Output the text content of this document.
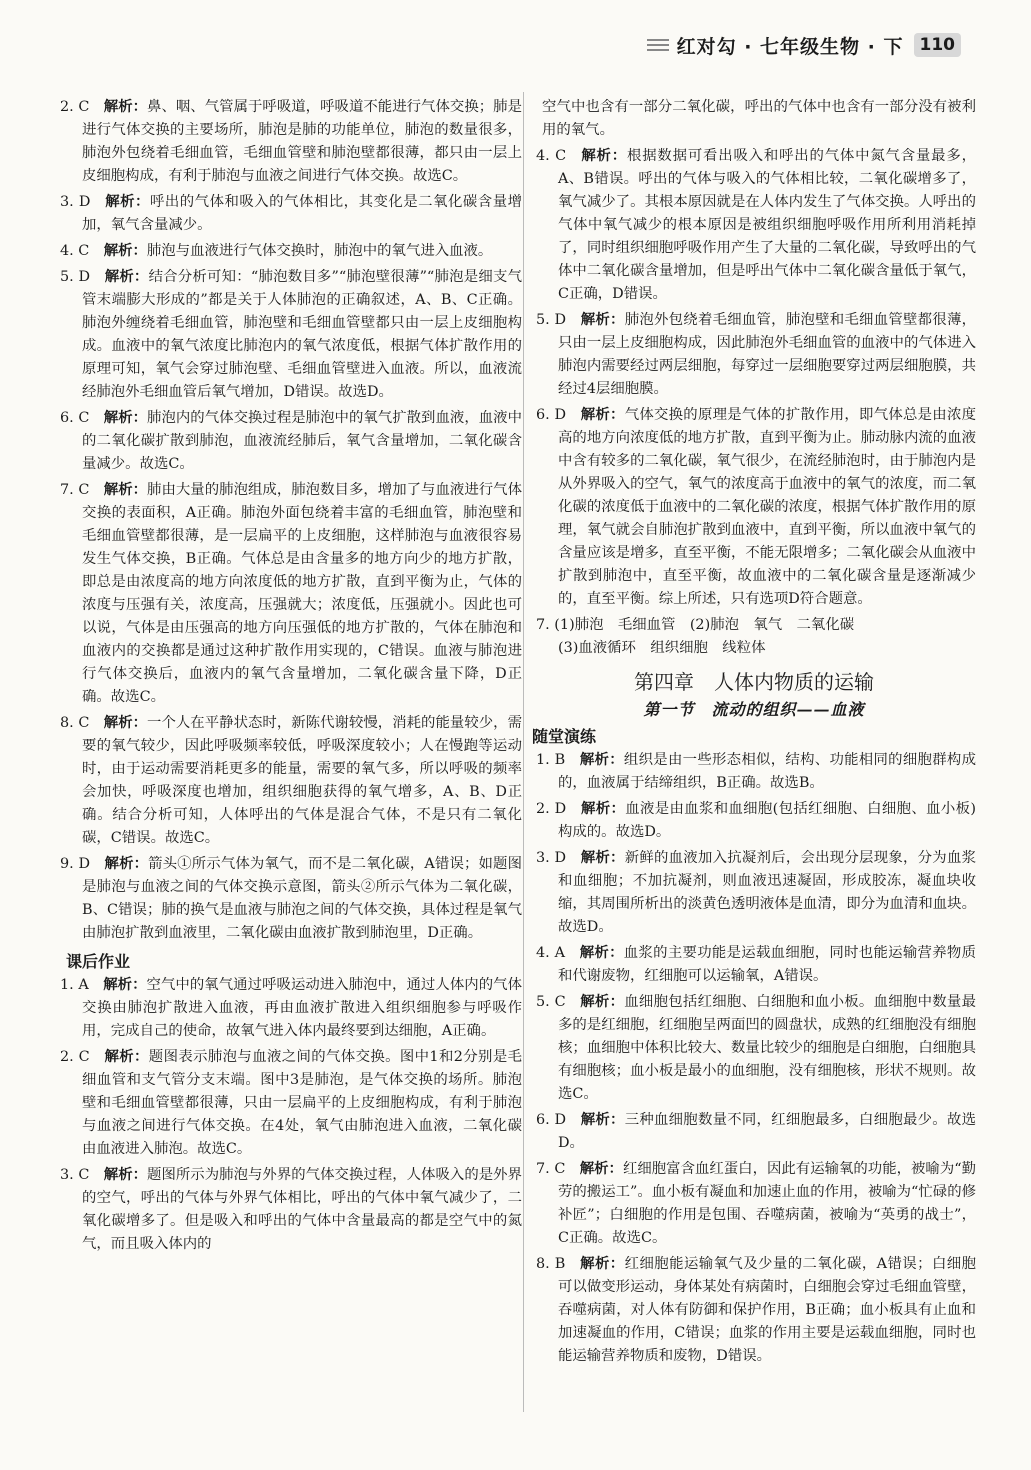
红对勾 · 七年级生物 · 下 110

2. C  解析：鼻、咽、气管属于呼吸道，呼吸道不能进行气体交换；肺是进行气体交换的主要场所，肺泡是肺的功能单位，肺泡的数量很多，肺泡外包绕着毛细血管，毛细血管壁和肺泡壁都很薄，都只由一层上皮细胞构成，有利于肺泡与血液之间进行气体交换。故选C。

3. D  解析：呼出的气体和吸入的气体相比，其变化是二氧化碳含量增加，氧气含量减少。

4. C  解析：肺泡与血液进行气体交换时，肺泡中的氧气进入血液。

5. D  解析：结合分析可知：“肺泡数目多”“肺泡壁很薄”“肺泡是细支气管末端膨大形成的”都是关于人体肺泡的正确叙述，A、B、C正确。肺泡外缠绕着毛细血管，肺泡壁和毛细血管壁都只由一层上皮细胞构成。血液中的氧气浓度比肺泡内的氧气浓度低，根据气体扩散作用的原理可知，氧气会穿过肺泡壁、毛细血管壁进入血液。所以，血液流经肺泡外毛细血管后氧气增加，D错误。故选D。

6. C  解析：肺泡内的气体交换过程是肺泡中的氧气扩散到血液，血液中的二氧化碳扩散到肺泡，血液流经肺后，氧气含量增加，二氧化碳含量减少。故选C。

7. C  解析：肺由大量的肺泡组成，肺泡数目多，增加了与血液进行气体交换的表面积，A正确。肺泡外面包绕着丰富的毛细血管，肺泡壁和毛细血管壁都很薄，是一层扁平的上皮细胞，这样肺泡与血液很容易发生气体交换，B正确。气体总是由含量多的地方向少的地方扩散，即总是由浓度高的地方向浓度低的地方扩散，直到平衡为止，气体的浓度与压强有关，浓度高，压强就大；浓度低，压强就小。因此也可以说，气体是由压强高的地方向压强低的地方扩散的，气体在肺泡和血液内的交换都是通过这种扩散作用实现的，C错误。血液与肺泡进行气体交换后，血液内的氧气含量增加，二氧化碳含量下降，D正确。故选C。

8. C  解析：一个人在平静状态时，新陈代谢较慢，消耗的能量较少，需要的氧气较少，因此呼吸频率较低，呼吸深度较小；人在慢跑等运动时，由于运动需要消耗更多的能量，需要的氧气多，所以呼吸的频率会加快，呼吸深度也增加，组织细胞获得的氧气增多，A、B、D正确。结合分析可知，人体呼出的气体是混合气体，不是只有二氧化碳，C错误。故选C。

9. D  解析：箭头①所示气体为氧气，而不是二氧化碳，A错误；如题图是肺泡与血液之间的气体交换示意图，箭头②所示气体为二氧化碳，B、C错误；肺的换气是血液与肺泡之间的气体交换，具体过程是氧气由肺泡扩散到血液里，二氧化碳由血液扩散到肺泡里，D正确。

课后作业

1. A  解析：空气中的氧气通过呼吸运动进入肺泡中，通过人体内的气体交换由肺泡扩散进入血液，再由血液扩散进入组织细胞参与呼吸作用，完成自己的使命，故氧气进入体内最终要到达细胞，A正确。

2. C  解析：题图表示肺泡与血液之间的气体交换。图中1和2分别是毛细血管和支气管分支末端。图中3是肺泡，是气体交换的场所。肺泡壁和毛细血管壁都很薄，只由一层扁平的上皮细胞构成，有利于肺泡与血液之间进行气体交换。在4处，氧气由肺泡进入血液，二氧化碳由血液进入肺泡。故选C。

3. C  解析：题图所示为肺泡与外界的气体交换过程，人体吸入的是外界的空气，呼出的气体与外界气体相比，呼出的气体中氧气减少了，二氧化碳增多了。但是吸入和呼出的气体中含量最高的都是空气中的氮气，而且吸入体内的

空气中也含有一部分二氧化碳，呼出的气体中也含有一部分没有被利用的氧气。

4. C  解析：根据数据可看出吸入和呼出的气体中氮气含量最多，A、B错误。呼出的气体与吸入的气体相比较，二氧化碳增多了，氧气减少了。其根本原因就是在人体内发生了气体交换。人呼出的气体中氧气减少的根本原因是被组织细胞呼吸作用所利用消耗掉了，同时组织细胞呼吸作用产生了大量的二氧化碳，导致呼出的气体中二氧化碳含量增加，但是呼出气体中二氧化碳含量低于氧气，C正确，D错误。

5. D  解析：肺泡外包绕着毛细血管，肺泡壁和毛细血管壁都很薄，只由一层上皮细胞构成，因此肺泡外毛细血管的血液中的气体进入肺泡内需要经过两层细胞，每穿过一层细胞要穿过两层细胞膜，共经过4层细胞膜。

6. D  解析：气体交换的原理是气体的扩散作用，即气体总是由浓度高的地方向浓度低的地方扩散，直到平衡为止。肺动脉内流的血液中含有较多的二氧化碳，氧气很少，在流经肺泡时，由于肺泡内是从外界吸入的空气，氧气的浓度高于血液中的氧气的浓度，而二氧化碳的浓度低于血液中的二氧化碳的浓度，根据气体扩散作用的原理，氧气就会自肺泡扩散到血液中，直到平衡，所以血液中氧气的含量应该是增多，直至平衡，不能无限增多；二氧化碳会从血液中扩散到肺泡中，直至平衡，故血液中的二氧化碳含量是逐渐减少的，直至平衡。综上所述，只有选项D符合题意。

7. (1)肺泡　毛细血管　(2)肺泡　氧气　二氧化碳

(3)血液循环　组织细胞　线粒体

第四章　人体内物质的运输
第一节　流动的组织——血液
随堂演练

1. B  解析：组织是由一些形态相似，结构、功能相同的细胞群构成的，血液属于结缔组织，B正确。故选B。

2. D  解析：血液是由血浆和血细胞(包括红细胞、白细胞、血小板)构成的。故选D。

3. D  解析：新鲜的血液加入抗凝剂后，会出现分层现象，分为血浆和血细胞；不加抗凝剂，则血液迅速凝固，形成胶冻，凝血块收缩，其周围所析出的淡黄色透明液体是血清，即分为血清和血块。故选D。

4. A  解析：血浆的主要功能是运载血细胞，同时也能运输营养物质和代谢废物，红细胞可以运输氧，A错误。

5. C  解析：血细胞包括红细胞、白细胞和血小板。血细胞中数量最多的是红细胞，红细胞呈两面凹的圆盘状，成熟的红细胞没有细胞核；血细胞中体积比较大、数量比较少的细胞是白细胞，白细胞具有细胞核；血小板是最小的血细胞，没有细胞核，形状不规则。故选C。

6. D  解析：三种血细胞数量不同，红细胞最多，白细胞最少。故选D。

7. C  解析：红细胞富含血红蛋白，因此有运输氧的功能，被喻为“勤劳的搬运工”。血小板有凝血和加速止血的作用，被喻为“忙碌的修补匠”；白细胞的作用是包围、吞噬病菌，被喻为“英勇的战士”，C正确。故选C。

8. B  解析：红细胞能运输氧气及少量的二氧化碳，A错误；白细胞可以做变形运动，身体某处有病菌时，白细胞会穿过毛细血管壁，吞噬病菌，对人体有防御和保护作用，B正确；血小板具有止血和加速凝血的作用，C错误；血浆的作用主要是运载血细胞，同时也能运输营养物质和废物，D错误。
